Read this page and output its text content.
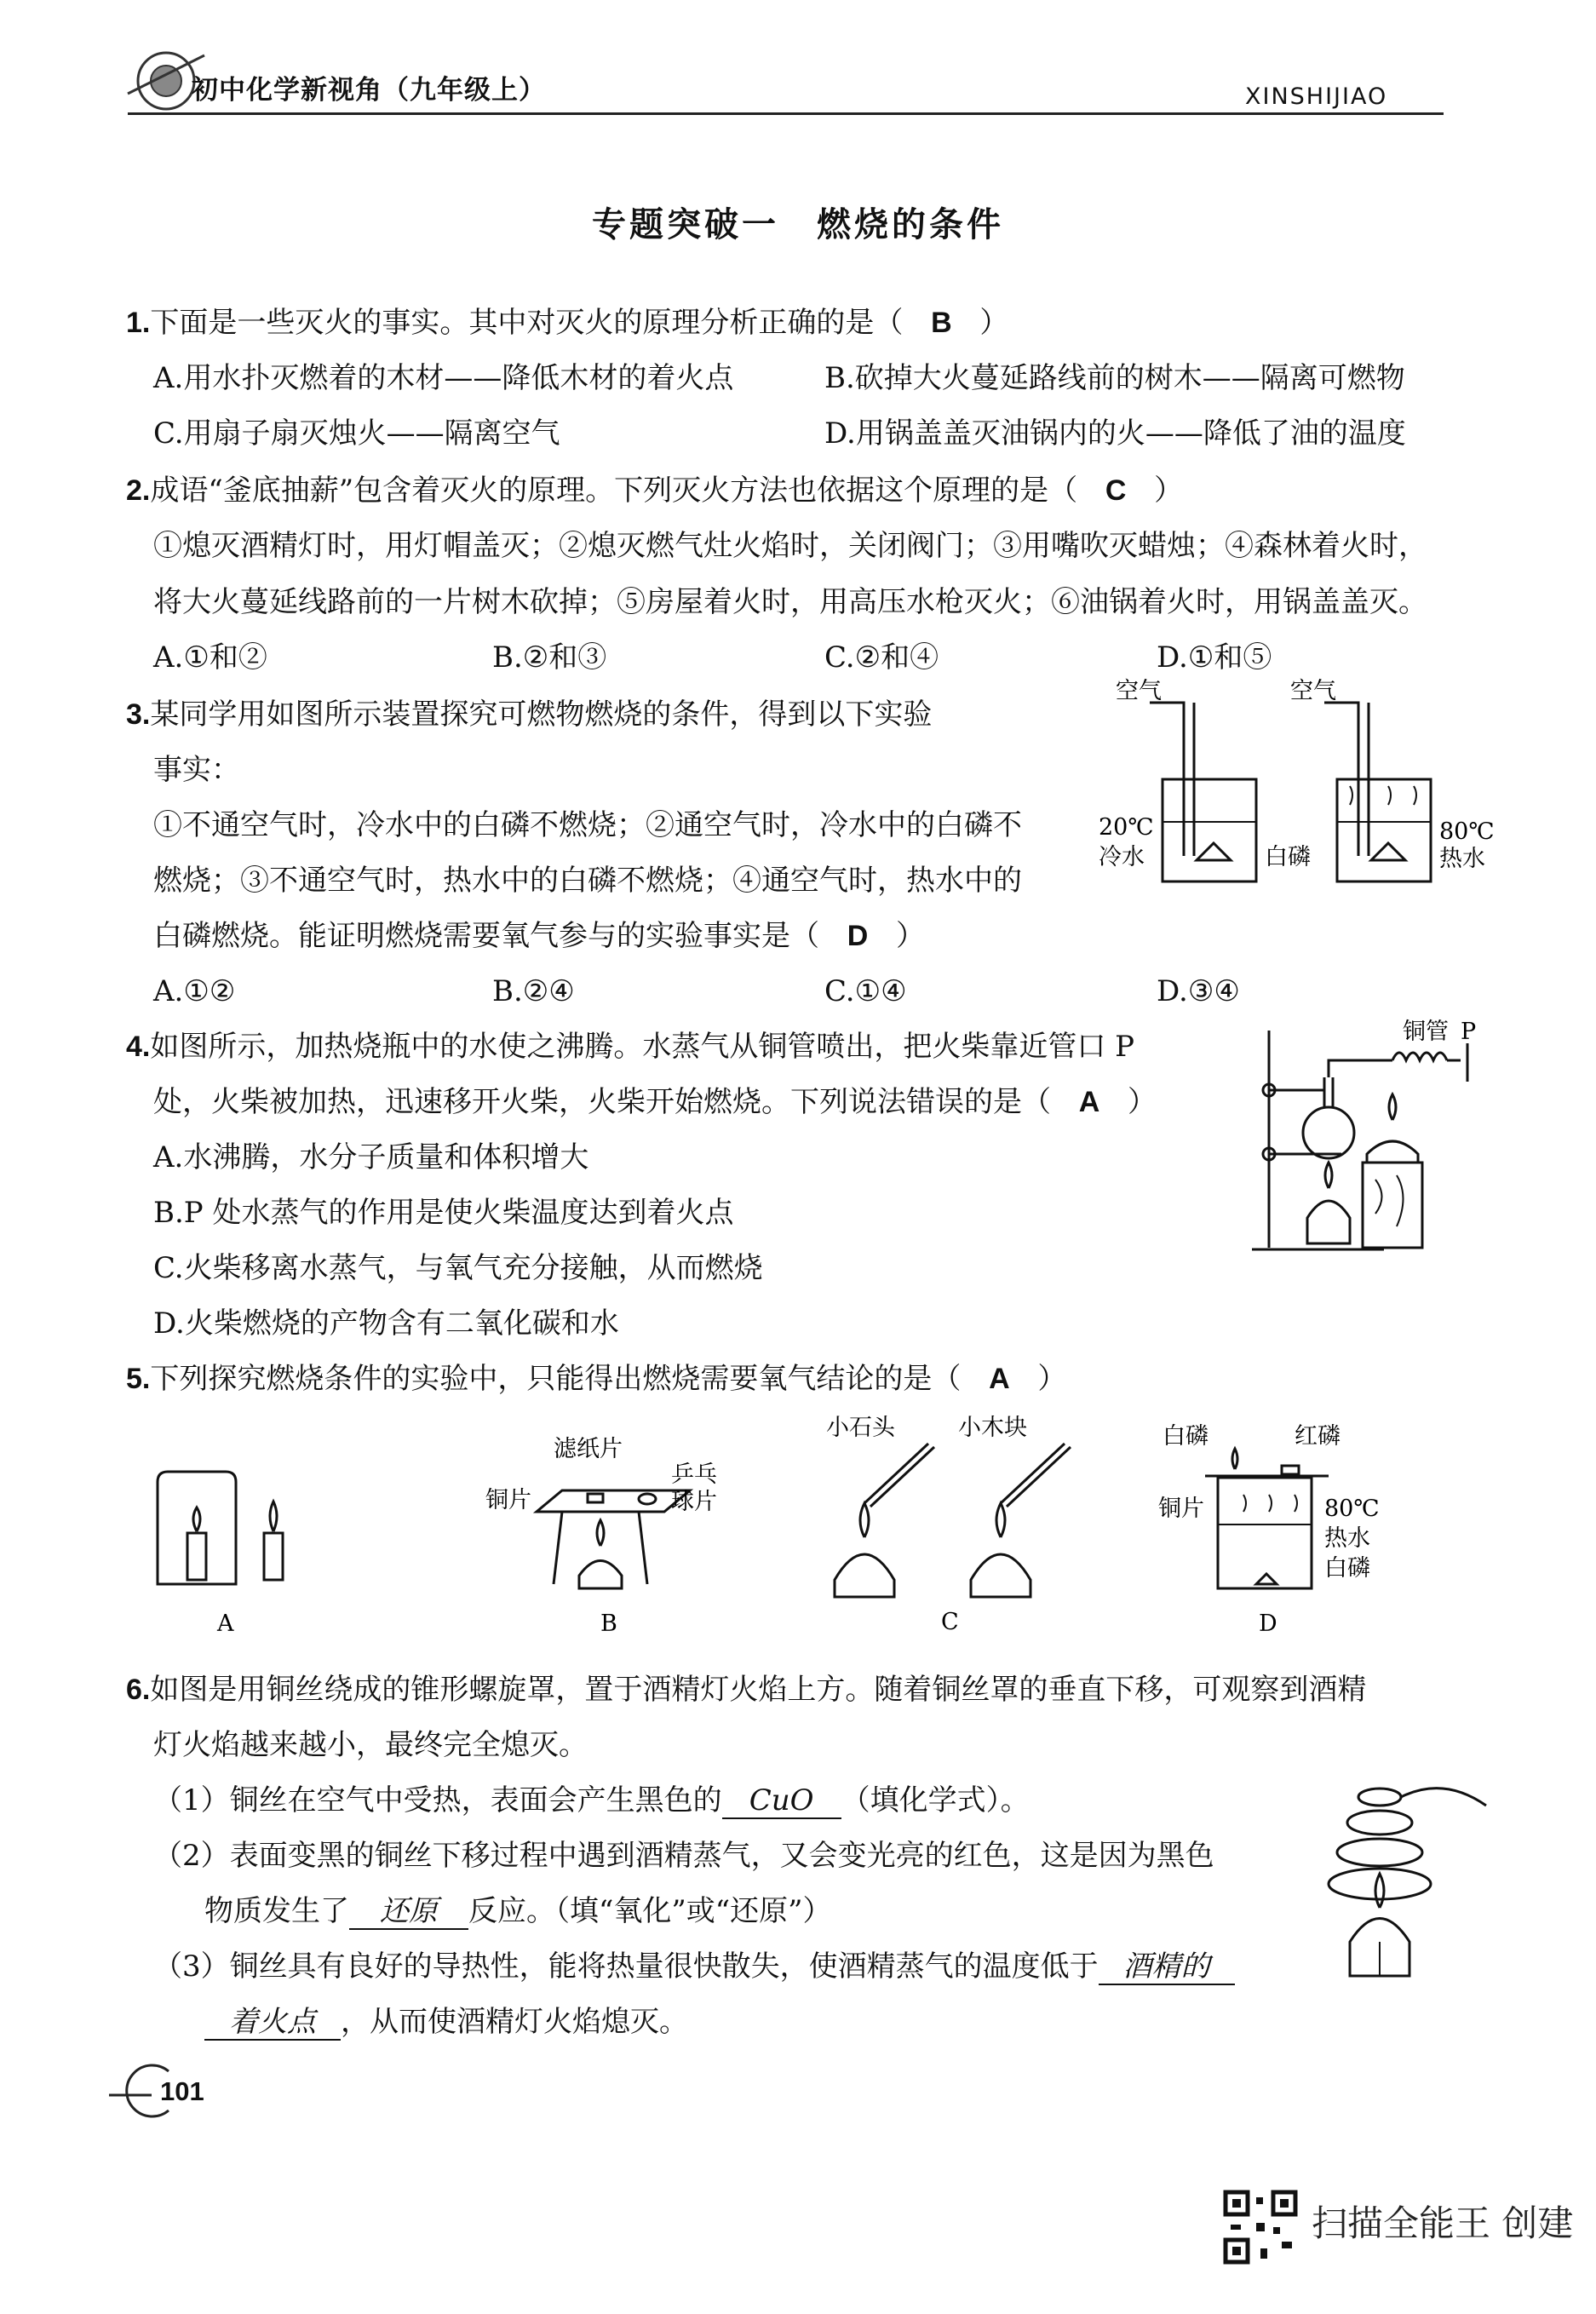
初中化学新视角（九年级上）	XINSHIJIAO
专题突破一　燃烧的条件
1.下面是一些灭火的事实。其中对灭火的原理分析正确的是（ B ）
A.用水扑灭燃着的木材——降低木材的着火点	B.砍掉大火蔓延路线前的树木——隔离可燃物
C.用扇子扇灭烛火——隔离空气	D.用锅盖盖灭油锅内的火——降低了油的温度
2.成语“釜底抽薪”包含着灭火的原理。下列灭火方法也依据这个原理的是（ C ）
①熄灭酒精灯时，用灯帽盖灭；②熄灭燃气灶火焰时，关闭阀门；③用嘴吹灭蜡烛；④森林着火时，
将大火蔓延线路前的一片树木砍掉；⑤房屋着火时，用高压水枪灭火；⑥油锅着火时，用锅盖盖灭。
A.①和②	B.②和③	C.②和④	D.①和⑤
3.某同学用如图所示装置探究可燃物燃烧的条件，得到以下实验
事实：
①不通空气时，冷水中的白磷不燃烧；②通空气时，冷水中的白磷不
燃烧；③不通空气时，热水中的白磷不燃烧；④通空气时，热水中的
白磷燃烧。能证明燃烧需要氧气参与的实验事实是（ D ）
A.①②	B.②④	C.①④	D.③④
空气	空气
20℃
冷水	白磷
80℃
热水
4.如图所示，加热烧瓶中的水使之沸腾。水蒸气从铜管喷出，把火柴靠近管口 P
处，火柴被加热，迅速移开火柴，火柴开始燃烧。下列说法错误的是（ A ）
A.水沸腾，水分子质量和体积增大
B.P 处水蒸气的作用是使火柴温度达到着火点
C.火柴移离水蒸气，与氧气充分接触，从而燃烧
D.火柴燃烧的产物含有二氧化碳和水
铜管 P
5.下列探究燃烧条件的实验中，只能得出燃烧需要氧气结论的是（ A ）
A
滤纸片
铜片
乒乓
球片
B
小石头	小木块
C
白磷	红磷
铜片	80℃
热水
白磷
D
6.如图是用铜丝绕成的锥形螺旋罩，置于酒精灯火焰上方。随着铜丝罩的垂直下移，可观察到酒精
灯火焰越来越小，最终完全熄灭。
（1）铜丝在空气中受热，表面会产生黑色的 CuO （填化学式）。
（2）表面变黑的铜丝下移过程中遇到酒精蒸气，又会变光亮的红色，这是因为黑色
物质发生了 还原 反应。（填“氧化”或“还原”）
（3）铜丝具有良好的导热性，能将热量很快散失，使酒精蒸气的温度低于 酒精的
着火点 ，从而使酒精灯火焰熄灭。
101
扫描全能王 创建
